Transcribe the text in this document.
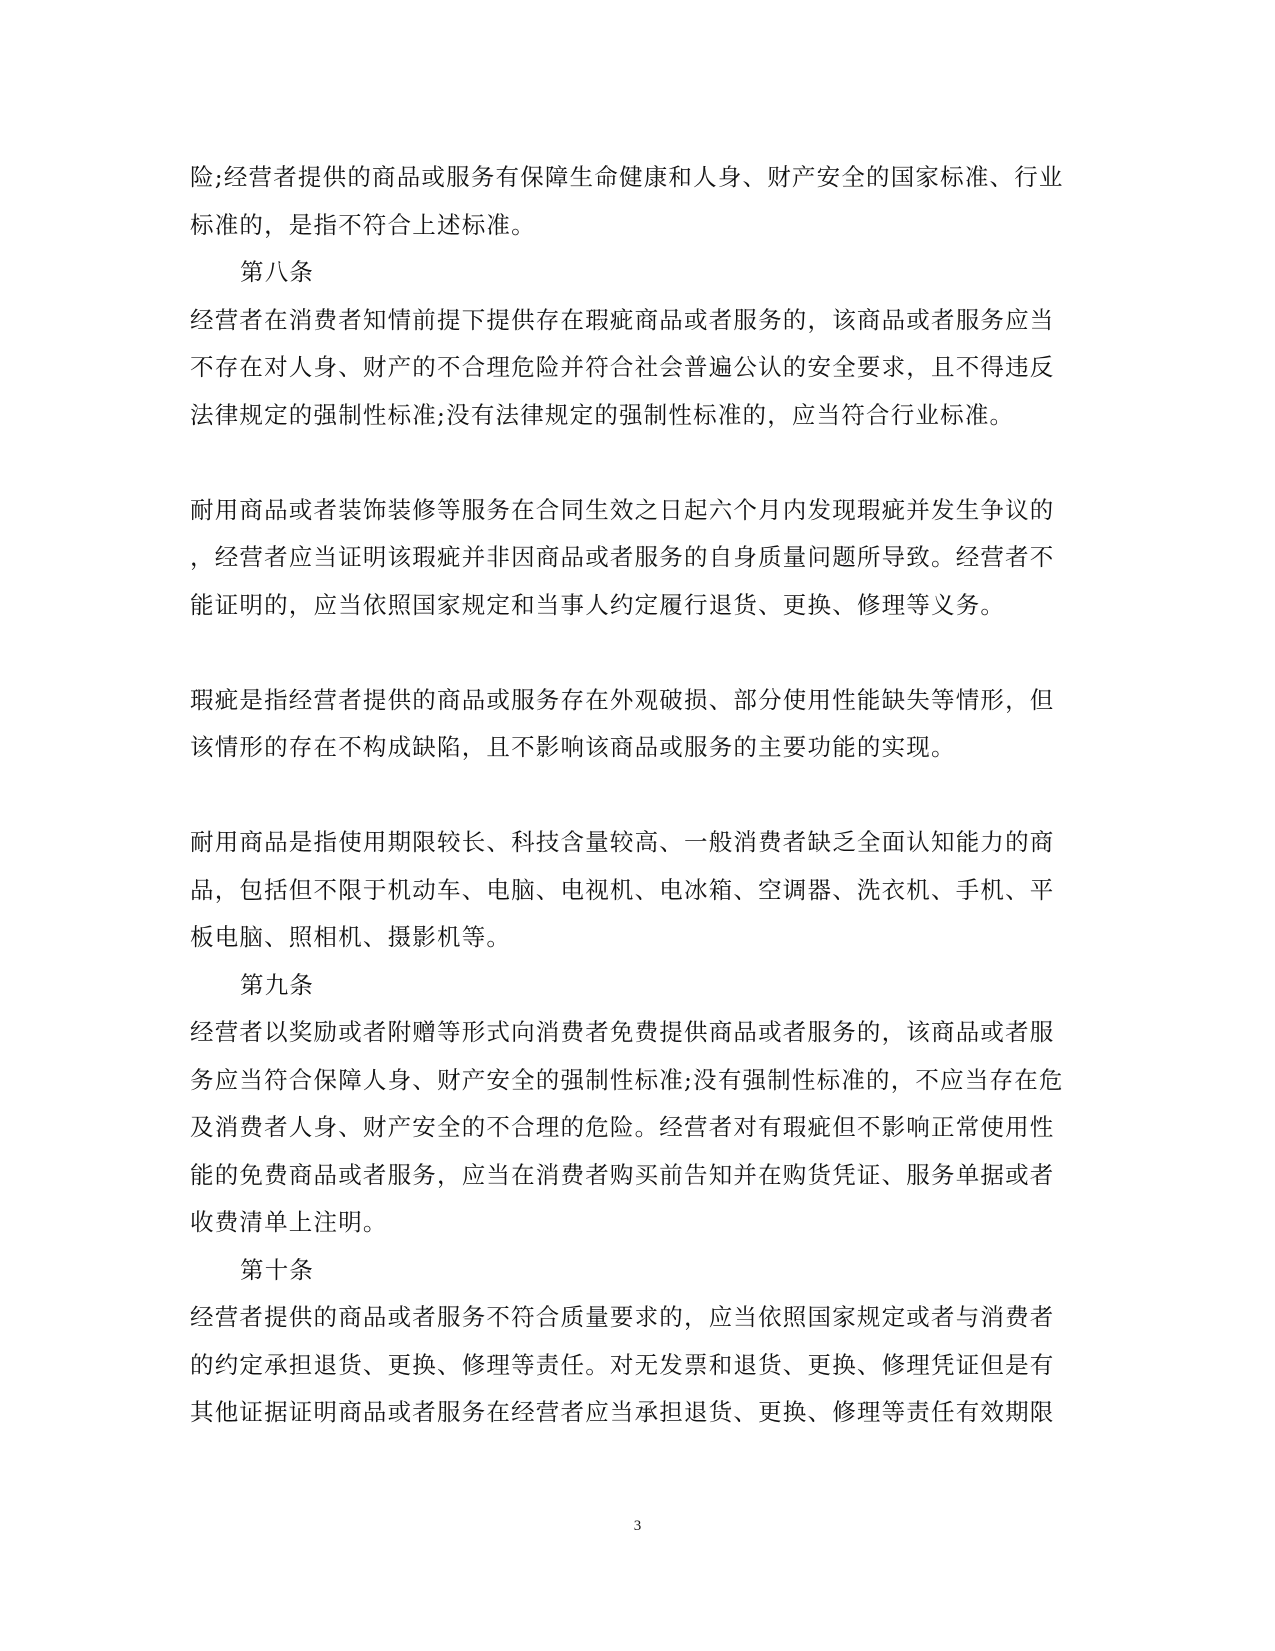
险;经营者提供的商品或服务有保障生命健康和人身、财产安全的国家标准、行业
标准的，是指不符合上述标准。
第八条
经营者在消费者知情前提下提供存在瑕疵商品或者服务的，该商品或者服务应当
不存在对人身、财产的不合理危险并符合社会普遍公认的安全要求，且不得违反
法律规定的强制性标准;没有法律规定的强制性标准的，应当符合行业标准。
耐用商品或者装饰装修等服务在合同生效之日起六个月内发现瑕疵并发生争议的
，经营者应当证明该瑕疵并非因商品或者服务的自身质量问题所导致。经营者不
能证明的，应当依照国家规定和当事人约定履行退货、更换、修理等义务。
瑕疵是指经营者提供的商品或服务存在外观破损、部分使用性能缺失等情形，但
该情形的存在不构成缺陷，且不影响该商品或服务的主要功能的实现。
耐用商品是指使用期限较长、科技含量较高、一般消费者缺乏全面认知能力的商
品，包括但不限于机动车、电脑、电视机、电冰箱、空调器、洗衣机、手机、平
板电脑、照相机、摄影机等。
第九条
经营者以奖励或者附赠等形式向消费者免费提供商品或者服务的，该商品或者服
务应当符合保障人身、财产安全的强制性标准;没有强制性标准的，不应当存在危
及消费者人身、财产安全的不合理的危险。经营者对有瑕疵但不影响正常使用性
能的免费商品或者服务，应当在消费者购买前告知并在购货凭证、服务单据或者
收费清单上注明。
第十条
经营者提供的商品或者服务不符合质量要求的，应当依照国家规定或者与消费者
的约定承担退货、更换、修理等责任。对无发票和退货、更换、修理凭证但是有
其他证据证明商品或者服务在经营者应当承担退货、更换、修理等责任有效期限
3
